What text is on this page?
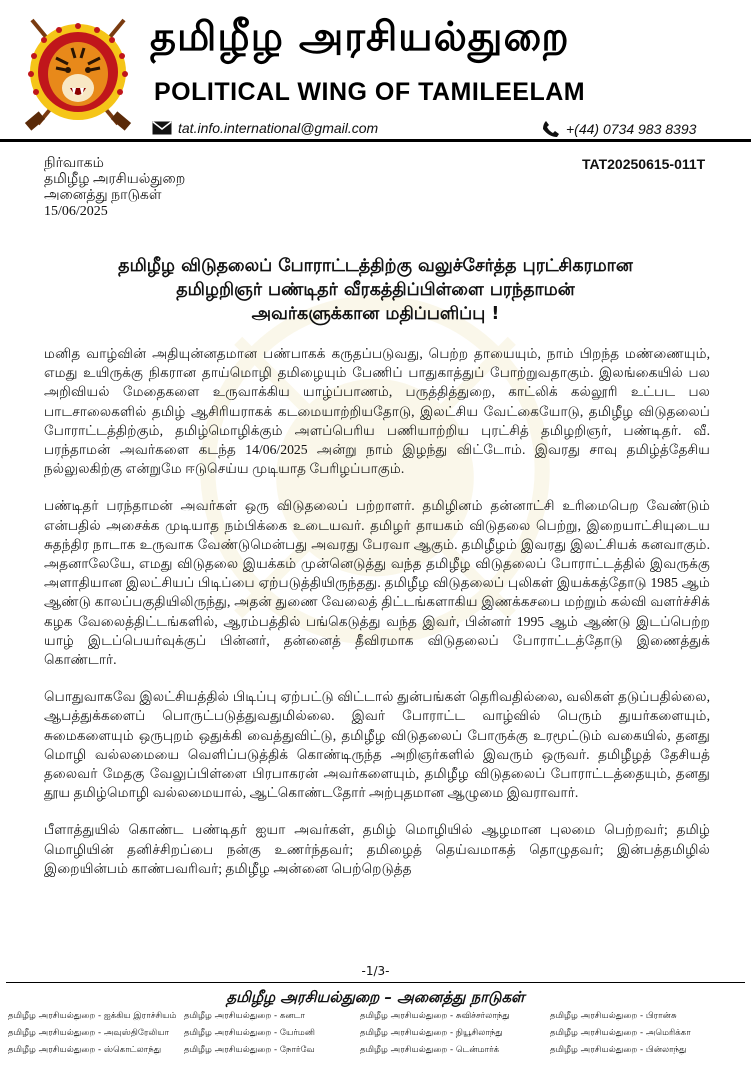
தமிழீழ அரசியல்துறை
POLITICAL WING OF TAMILEELAM
tat.info.international@gmail.com	+(44) 0734 983 8393
நிர்வாகம்
தமிழீழ அரசியல்துறை
அனைத்து நாடுகள்
15/06/2025
TAT20250615-011T
தமிழீழ விடுதலைப் போராட்டத்திற்கு வலுச்சேர்த்த புரட்சிகரமான
தமிழறிஞர் பண்டிதர் வீரகத்திப்பிள்ளை பரந்தாமன்
அவர்களுக்கான மதிப்பளிப்பு !

மனித வாழ்வின் அதியுன்னதமான பண்பாகக் கருதப்படுவது, பெற்ற தாயையும், நாம் பிறந்த மண்ணையும், எமது உயிருக்கு நிகரான தாய்மொழி தமிழையும் பேணிப் பாதுகாத்துப் போற்றுவதாகும். இலங்கையில் பல அறிவியல் மேதைகளை உருவாக்கிய யாழ்ப்பாணம், பருத்தித்துறை, காட்லிக் கல்லூரி உட்பட பல பாடசாலைகளில் தமிழ் ஆசிரியராகக் கடமையாற்றியதோடு, இலட்சிய வேட்கையோடு, தமிழீழ விடுதலைப் போராட்டத்திற்கும், தமிழ்மொழிக்கும் அளப்பெரிய பணியாற்றிய புரட்சித் தமிழறிஞர், பண்டிதர். வீ. பரந்தாமன் அவர்களை கடந்த 14/06/2025 அன்று நாம் இழந்து விட்டோம். இவரது சாவு தமிழ்த்தேசிய நல்லுலகிற்கு என்றுமே ஈடுசெய்ய முடியாத பேரிழப்பாகும்.

பண்டிதர் பரந்தாமன் அவர்கள் ஒரு விடுதலைப் பற்றாளர். தமிழினம் தன்னாட்சி உரிமைபெற வேண்டும் என்பதில் அசைக்க முடியாத நம்பிக்கை உடையவர். தமிழர் தாயகம் விடுதலை பெற்று, இறையாட்சியுடைய சுதந்திர நாடாக உருவாக வேண்டுமென்பது அவரது பேரவா ஆகும். தமிழீழம் இவரது இலட்சியக் கனவாகும். அதனாலேயே, எமது விடுதலை இயக்கம் முன்னெடுத்து வந்த தமிழீழ விடுதலைப் போராட்டத்தில் இவருக்கு அளாதியான இலட்சியப் பிடிப்பை ஏற்படுத்தியிருந்தது. தமிழீழ விடுதலைப் புலிகள் இயக்கத்தோடு 1985 ஆம் ஆண்டு காலப்பகுதியிலிருந்து, அதன் துணை வேலைத் திட்டங்களாகிய இணக்கசபை மற்றும் கல்வி வளர்ச்சிக் கழக வேலைத்திட்டங்களில், ஆரம்பத்தில் பங்கெடுத்து வந்த இவர், பின்னர் 1995 ஆம் ஆண்டு இடப்பெற்ற யாழ் இடப்பெயர்வுக்குப் பின்னர், தன்னைத் தீவிரமாக விடுதலைப் போராட்டத்தோடு இணைத்துக் கொண்டார்.

பொதுவாகவே இலட்சியத்தில் பிடிப்பு ஏற்பட்டு விட்டால் துன்பங்கள் தெரிவதில்லை, வலிகள் தடுப்பதில்லை, ஆபத்துக்களைப் பொருட்படுத்துவதுமில்லை. இவர் போராட்ட வாழ்வில் பெரும் துயர்களையும், சுமைகளையும் ஒருபுறம் ஒதுக்கி வைத்துவிட்டு, தமிழீழ விடுதலைப் போருக்கு உரமூட்டும் வகையில், தனது மொழி வல்லமையை வெளிப்படுத்திக் கொண்டிருந்த அறிஞர்களில் இவரும் ஒருவர். தமிழீழத் தேசியத் தலைவர் மேதகு வேலுப்பிள்ளை பிரபாகரன் அவர்களையும், தமிழீழ விடுதலைப் போராட்டத்தையும், தனது தூய தமிழ்மொழி வல்லமையால், ஆட்கொண்டதோர் அற்புதமான ஆழுமை இவராவார்.

பீளாத்துயில் கொண்ட பண்டிதர் ஐயா அவர்கள், தமிழ் மொழியில் ஆழமான புலமை பெற்றவர்; தமிழ் மொழியின் தனிச்சிறப்பை நன்கு உணர்ந்தவர்; தமிழைத் தெய்வமாகத் தொழுதவர்; இன்பத்தமிழில் இறையின்பம் காண்பவரிவர்; தமிழீழ அன்னை பெற்றெடுத்த

-1/3-
தமிழீழ அரசியல்துறை – அனைத்து நாடுகள்
தமிழீழ அரசியல்துறை - ஐக்கிய இராச்சியம் தமிழீழ அரசியல்துறை - கனடா	தமிழீழ அரசியல்துறை - சுவிச்சர்லாந்து	தமிழீழ அரசியல்துறை - பிரான்சு
தமிழீழ அரசியல்துறை - அவுஸ்திரேலியா	தமிழீழ அரசியல்துறை - யேர்மனி	தமிழீழ அரசியல்துறை - நியூசிலாந்து	தமிழீழ அரசியல்துறை - அமெரிக்கா
தமிழீழ அரசியல்துறை - ஸ்கொட்லாந்து	தமிழீழ அரசியல்துறை - நோர்வே	தமிழீழ அரசியல்துறை - டென்மார்க்	தமிழீழ அரசியல்துறை - பின்லாந்து
